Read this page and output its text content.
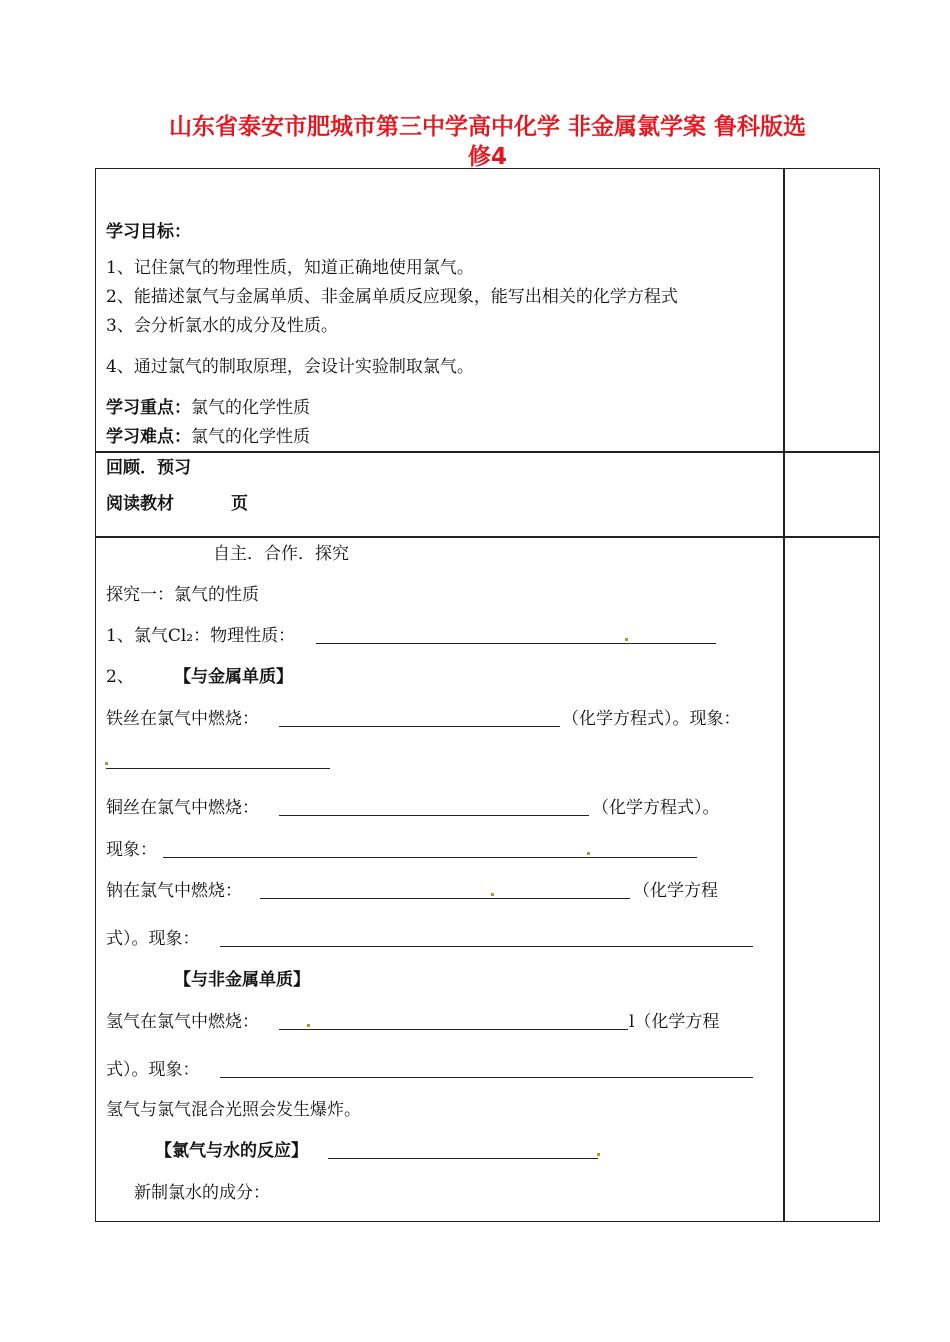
山东省泰安市肥城市第三中学高中化学 非金属氯学案 鲁科版选
修4
学习目标：
1、记住氯气的物理性质，知道正确地使用氯气。
2、能描述氯气与金属单质、非金属单质反应现象，能写出相关的化学方程式
3、会分析氯水的成分及性质。
4、通过氯气的制取原理，会设计实验制取氯气。
学习重点：氯气的化学性质
学习难点：氯气的化学性质
回顾．预习
阅读教材	页
自主．合作．探究
探究一：氯气的性质
1、氯气Cl₂：物理性质：
2、 【与金属单质】
铁丝在氯气中燃烧：	（化学方程式）。现象：
铜丝在氯气中燃烧：	（化学方程式）。
现象：
钠在氯气中燃烧：	（化学方程
式）。现象：
【与非金属单质】
氢气在氯气中燃烧：	l（化学方程
式）。现象：
氢气与氯气混合光照会发生爆炸。
【氯气与水的反应】
新制氯水的成分：
